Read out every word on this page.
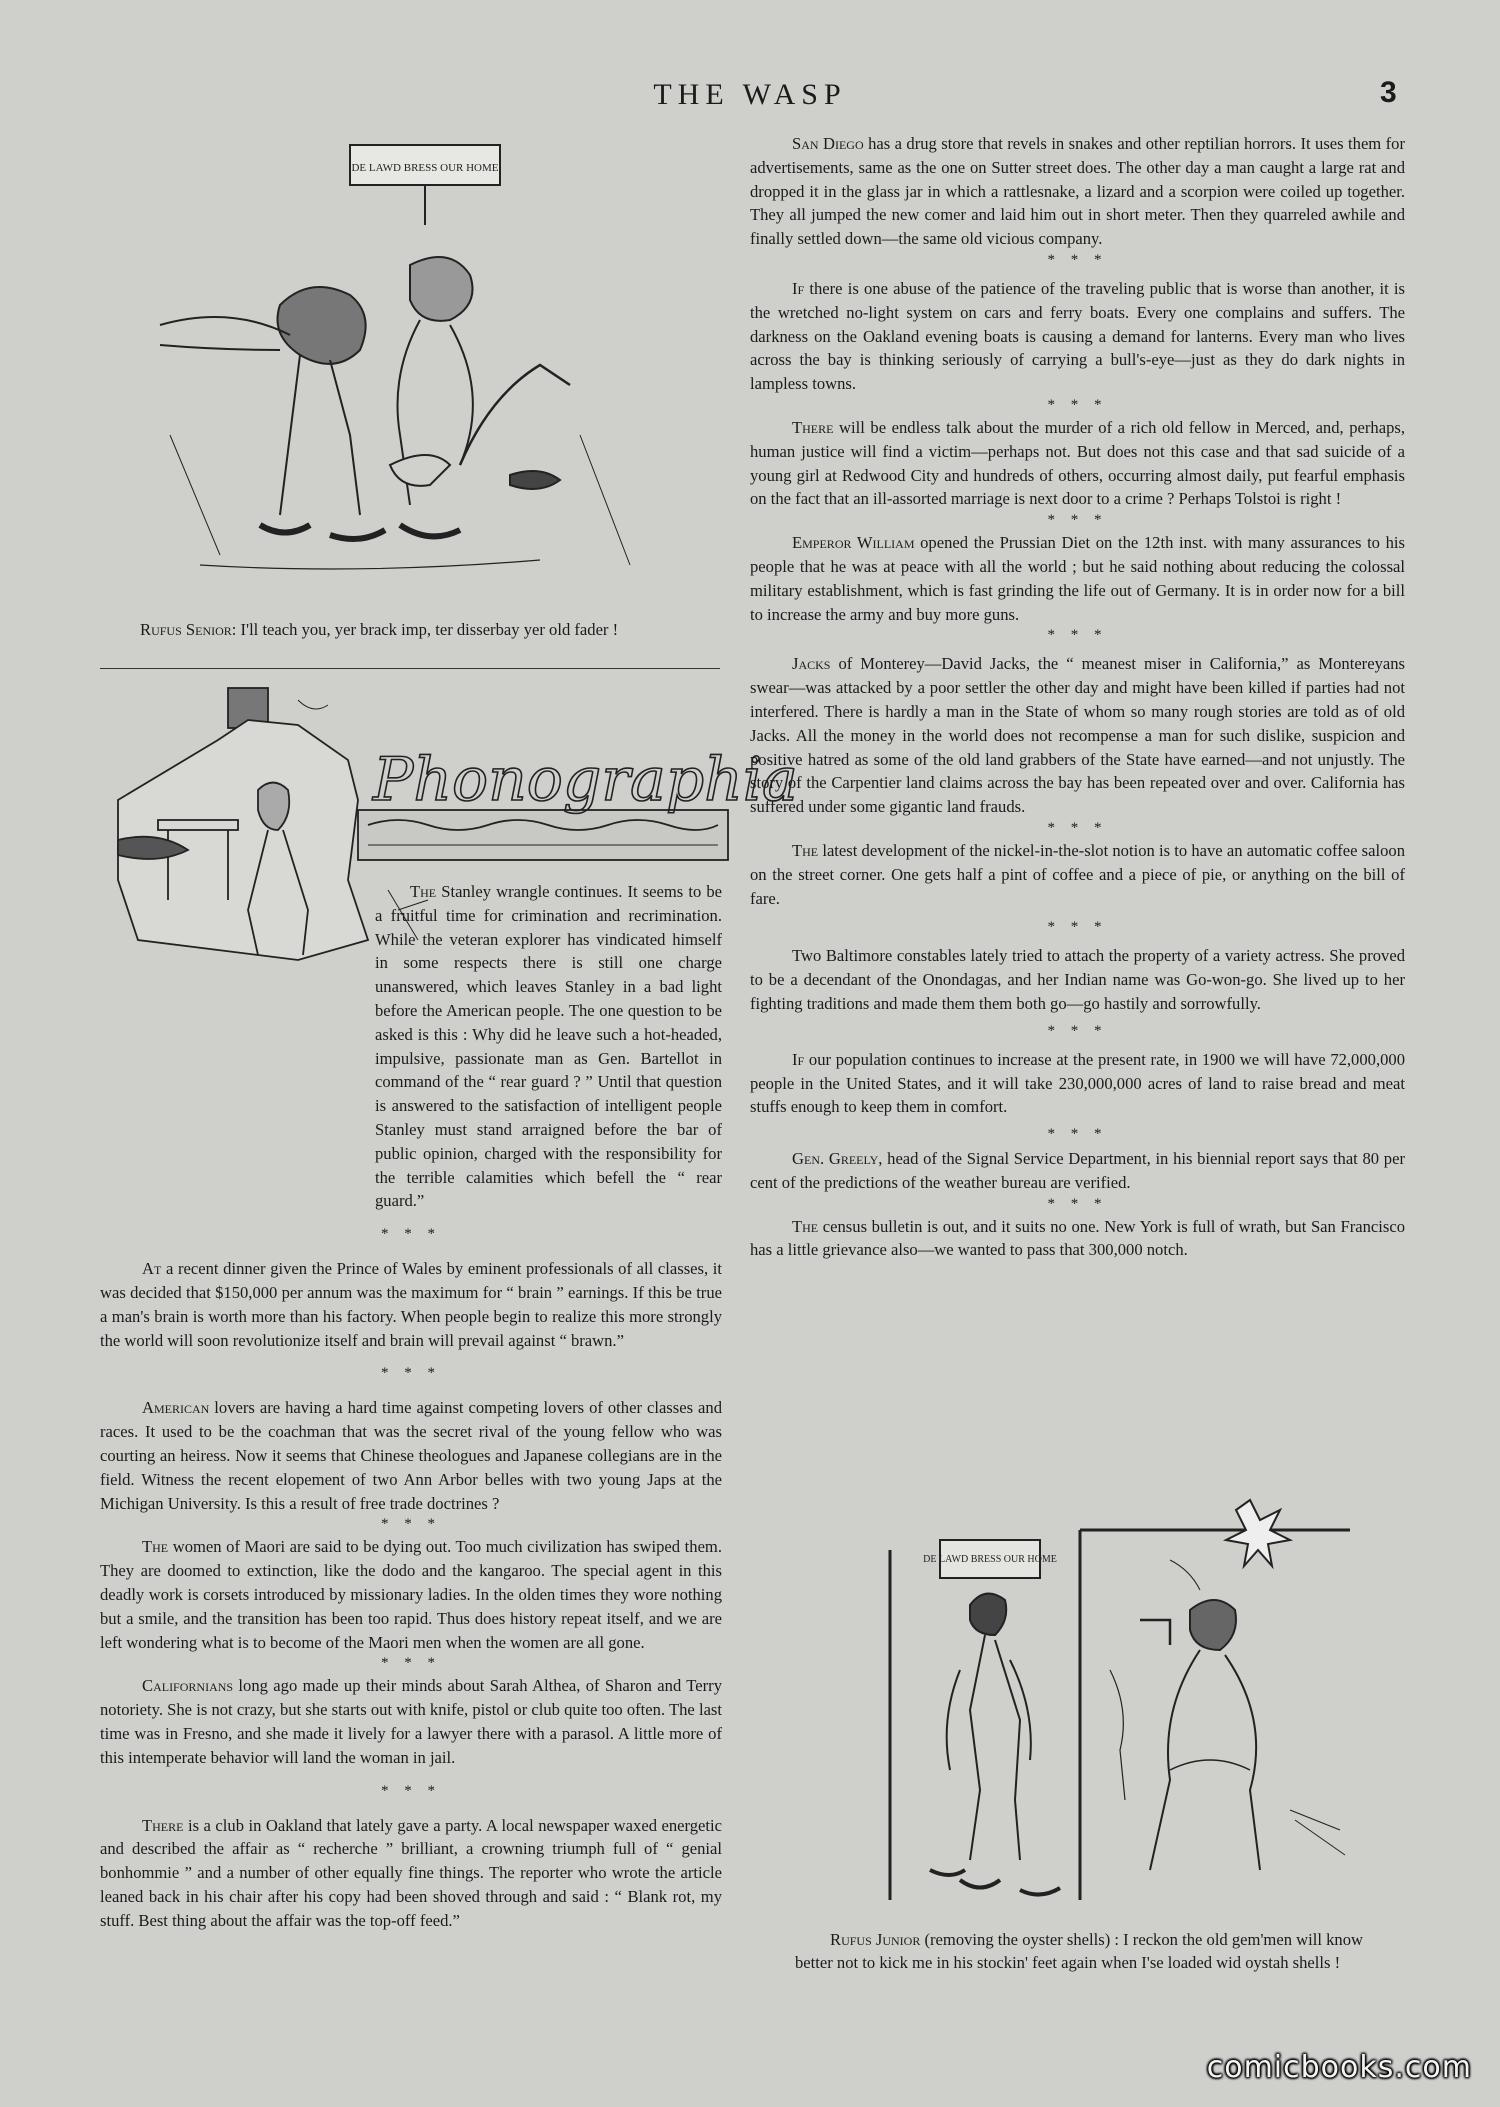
THE WASP	3
DE LAWD BRESS OUR HOME
Rufus Senior: I'll teach you, yer brack imp, ter disserbay yer old fader !
Phonographia

The Stanley wrangle continues. It seems to be a fruitful time for crimination and recrimination. While the veteran explorer has vindicated himself in some respects there is still one charge unanswered, which leaves Stanley in a bad light before the American people. The one question to be asked is this : Why did he leave such a hot-headed, impulsive, passionate man as Gen. Bartellot in command of the “ rear guard ? ” Until that question is answered to the satisfaction of intelligent people Stanley must stand arraigned before the bar of public opinion, charged with the responsibility for the terrible calamities which befell the “ rear guard.”

* * *

At a recent dinner given the Prince of Wales by eminent professionals of all classes, it was decided that $150,000 per annum was the maximum for “ brain ” earnings. If this be true a man's brain is worth more than his factory. When people begin to realize this more strongly the world will soon revolutionize itself and brain will prevail against “ brawn.”

* * *

American lovers are having a hard time against competing lovers of other classes and races. It used to be the coachman that was the secret rival of the young fellow who was courting an heiress. Now it seems that Chinese theologues and Japanese collegians are in the field. Witness the recent elopement of two Ann Arbor belles with two young Japs at the Michigan University. Is this a result of free trade doctrines ?

* * *

The women of Maori are said to be dying out. Too much civilization has swiped them. They are doomed to extinction, like the dodo and the kangaroo. The special agent in this deadly work is corsets introduced by missionary ladies. In the olden times they wore nothing but a smile, and the transition has been too rapid. Thus does history repeat itself, and we are left wondering what is to become of the Maori men when the women are all gone.

* * *

Californians long ago made up their minds about Sarah Althea, of Sharon and Terry notoriety. She is not crazy, but she starts out with knife, pistol or club quite too often. The last time was in Fresno, and she made it lively for a lawyer there with a parasol. A little more of this intemperate behavior will land the woman in jail.

* * *

There is a club in Oakland that lately gave a party. A local newspaper waxed energetic and described the affair as “ recherche ” brilliant, a crowning triumph full of “ genial bonhommie ” and a number of other equally fine things. The reporter who wrote the article leaned back in his chair after his copy had been shoved through and said : “ Blank rot, my stuff. Best thing about the affair was the top-off feed.”

San Diego has a drug store that revels in snakes and other reptilian horrors. It uses them for advertisements, same as the one on Sutter street does. The other day a man caught a large rat and dropped it in the glass jar in which a rattlesnake, a lizard and a scorpion were coiled up together. They all jumped the new comer and laid him out in short meter. Then they quarreled awhile and finally settled down—the same old vicious company.

* * *

If there is one abuse of the patience of the traveling public that is worse than another, it is the wretched no-light system on cars and ferry boats. Every one complains and suffers. The darkness on the Oakland evening boats is causing a demand for lanterns. Every man who lives across the bay is thinking seriously of carrying a bull's-eye—just as they do dark nights in lampless towns.

* * *

There will be endless talk about the murder of a rich old fellow in Merced, and, perhaps, human justice will find a victim—perhaps not. But does not this case and that sad suicide of a young girl at Redwood City and hundreds of others, occurring almost daily, put fearful emphasis on the fact that an ill-assorted marriage is next door to a crime ? Perhaps Tolstoi is right !

* * *

Emperor William opened the Prussian Diet on the 12th inst. with many assurances to his people that he was at peace with all the world ; but he said nothing about reducing the colossal military establishment, which is fast grinding the life out of Germany. It is in order now for a bill to increase the army and buy more guns.

* * *

Jacks of Monterey—David Jacks, the “ meanest miser in California,” as Montereyans swear—was attacked by a poor settler the other day and might have been killed if parties had not interfered. There is hardly a man in the State of whom so many rough stories are told as of old Jacks. All the money in the world does not recompense a man for such dislike, suspicion and positive hatred as some of the old land grabbers of the State have earned—and not unjustly. The story of the Carpentier land claims across the bay has been repeated over and over. California has suffered under some gigantic land frauds.

* * *

The latest development of the nickel-in-the-slot notion is to have an automatic coffee saloon on the street corner. One gets half a pint of coffee and a piece of pie, or anything on the bill of fare.

* * *

Two Baltimore constables lately tried to attach the property of a variety actress. She proved to be a decendant of the Onondagas, and her Indian name was Go-won-go. She lived up to her fighting traditions and made them them both go—go hastily and sorrowfully.

* * *

If our population continues to increase at the present rate, in 1900 we will have 72,000,000 people in the United States, and it will take 230,000,000 acres of land to raise bread and meat stuffs enough to keep them in comfort.

* * *

Gen. Greely, head of the Signal Service Department, in his biennial report says that 80 per cent of the predictions of the weather bureau are verified.

* * *

The census bulletin is out, and it suits no one. New York is full of wrath, but San Francisco has a little grievance also—we wanted to pass that 300,000 notch.

DE LAWD BRESS OUR HOME
Rufus Junior (removing the oyster shells) : I reckon the old gem'men will know better not to kick me in his stockin' feet again when I'se loaded wid oystah shells !
comicbooks.com
